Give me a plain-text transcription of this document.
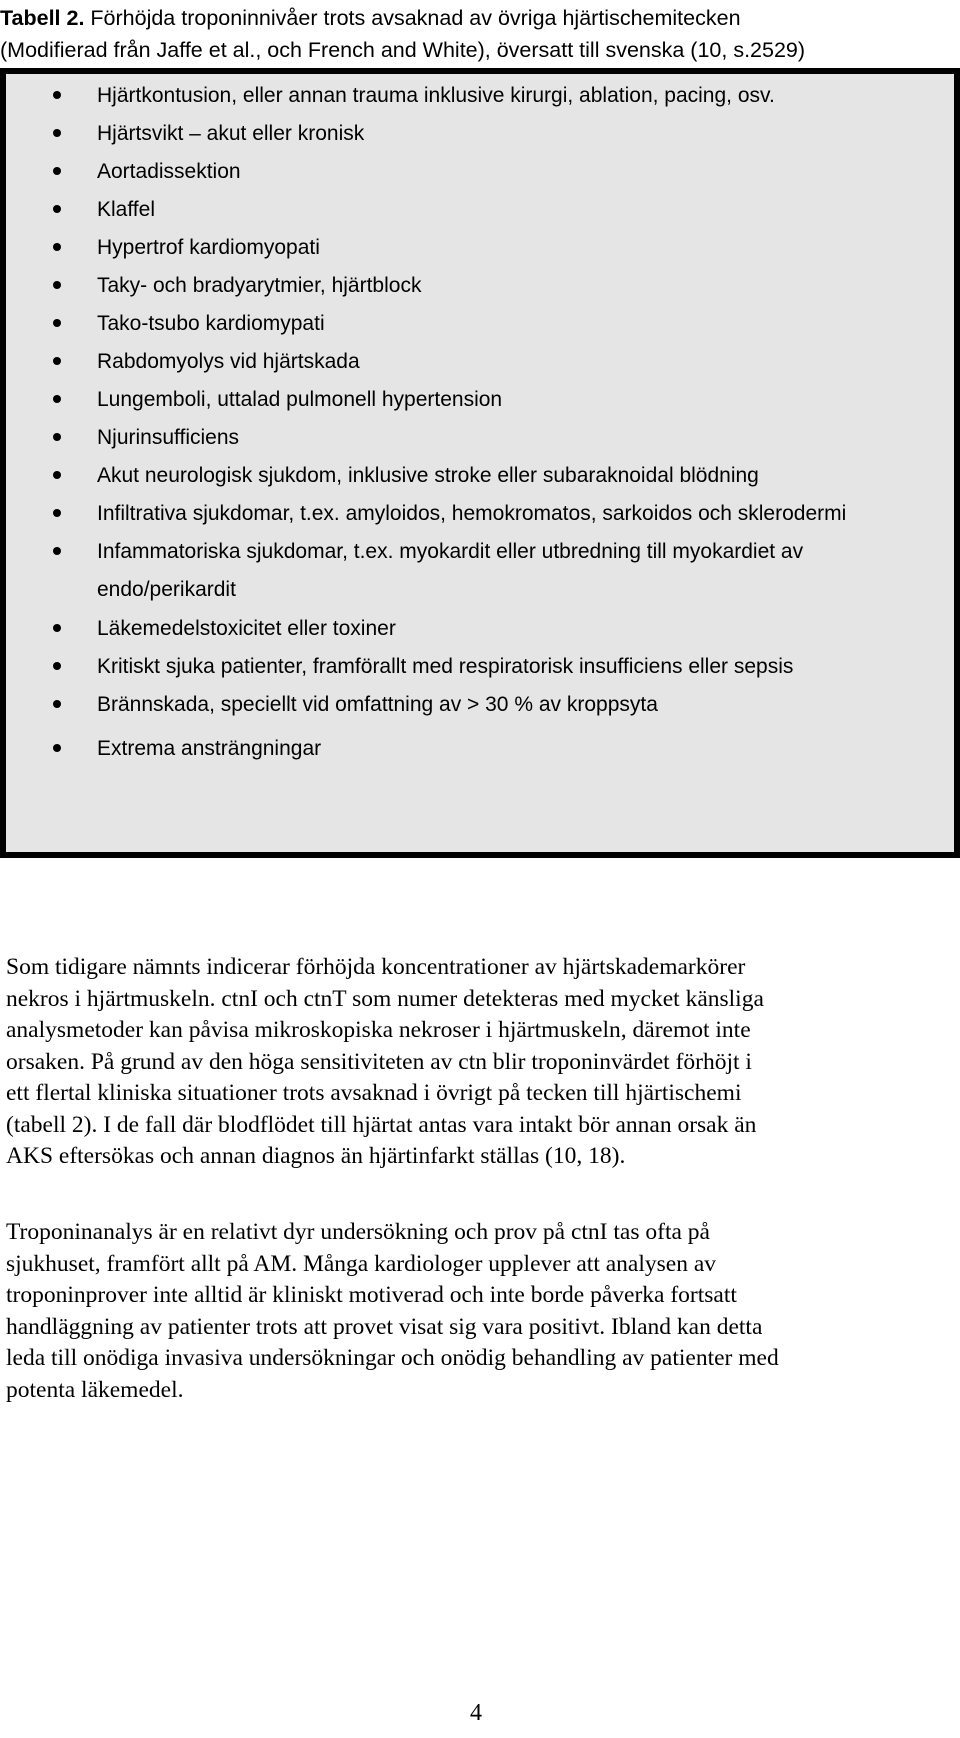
Tabell 2. Förhöjda troponinnivåer trots avsaknad av övriga hjärtischemitecken
(Modifierad från Jaffe et al., och French and White), översatt till svenska (10, s.2529)
Hjärtkontusion, eller annan trauma inklusive kirurgi, ablation, pacing, osv.
Hjärtsvikt – akut eller kronisk
Aortadissektion
Klaffel
Hypertrof kardiomyopati
Taky- och bradyarytmier, hjärtblock
Tako-tsubo kardiomypati
Rabdomyolys vid hjärtskada
Lungemboli, uttalad pulmonell hypertension
Njurinsufficiens
Akut neurologisk sjukdom, inklusive stroke eller subaraknoidal blödning
Infiltrativa sjukdomar, t.ex. amyloidos, hemokromatos, sarkoidos och sklerodermi
Infammatoriska sjukdomar, t.ex. myokardit eller utbredning till myokardiet av
endo/perikardit
Läkemedelstoxicitet eller toxiner
Kritiskt sjuka patienter, framförallt med respiratorisk insufficiens eller sepsis
Brännskada, speciellt vid omfattning av > 30 % av kroppsyta
Extrema ansträngningar
Som tidigare nämnts indicerar förhöjda koncentrationer av hjärtskademarkörer
nekros i hjärtmuskeln. ctnI och ctnT som numer detekteras med mycket känsliga
analysmetoder kan påvisa mikroskopiska nekroser i hjärtmuskeln, däremot inte
orsaken. På grund av den höga sensitiviteten av ctn blir troponinvärdet förhöjt i
ett flertal kliniska situationer trots avsaknad i övrigt på tecken till hjärtischemi
(tabell 2). I de fall där blodflödet till hjärtat antas vara intakt bör annan orsak än
AKS eftersökas och annan diagnos än hjärtinfarkt ställas (10, 18).
Troponinanalys är en relativt dyr undersökning och prov på ctnI tas ofta på
sjukhuset, framfört allt på AM. Många kardiologer upplever att analysen av
troponinprover inte alltid är kliniskt motiverad och inte borde påverka fortsatt
handläggning av patienter trots att provet visat sig vara positivt. Ibland kan detta
leda till onödiga invasiva undersökningar och onödig behandling av patienter med
potenta läkemedel.
4
